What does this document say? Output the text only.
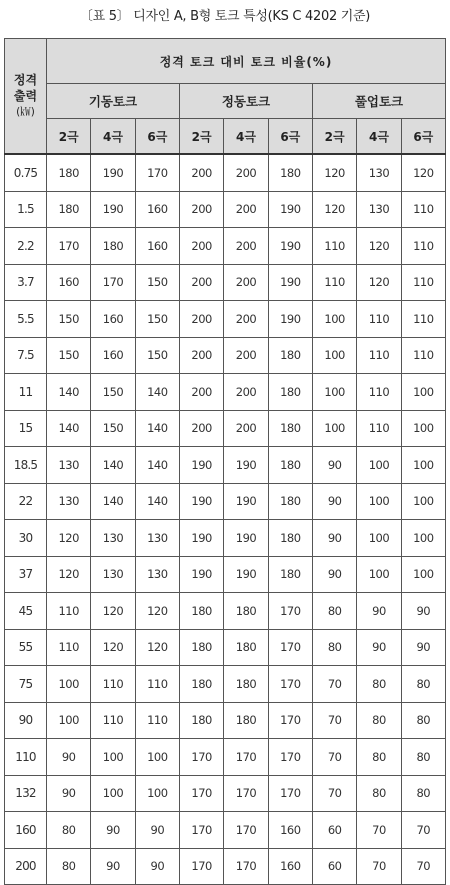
〔표 5〕 디자인 A, B형 토크 특성(KS C 4202 기준)
정격
출력
(㎾)	정격 토크 대비 토크 비율(%)								
	기동토크			정동토크			풀업토크		
	2극	4극	6극	2극	4극	6극	2극	4극	6극
0.75	180	190	170	200	200	180	120	130	120
1.5	180	190	160	200	200	190	120	130	110
2.2	170	180	160	200	200	190	110	120	110
3.7	160	170	150	200	200	190	110	120	110
5.5	150	160	150	200	200	190	100	110	110
7.5	150	160	150	200	200	180	100	110	110
11	140	150	140	200	200	180	100	110	100
15	140	150	140	200	200	180	100	110	100
18.5	130	140	140	190	190	180	90	100	100
22	130	140	140	190	190	180	90	100	100
30	120	130	130	190	190	180	90	100	100
37	120	130	130	190	190	180	90	100	100
45	110	120	120	180	180	170	80	90	90
55	110	120	120	180	180	170	80	90	90
75	100	110	110	180	180	170	70	80	80
90	100	110	110	180	180	170	70	80	80
110	90	100	100	170	170	170	70	80	80
132	90	100	100	170	170	170	70	80	80
160	80	90	90	170	170	160	60	70	70
200	80	90	90	170	170	160	60	70	70
